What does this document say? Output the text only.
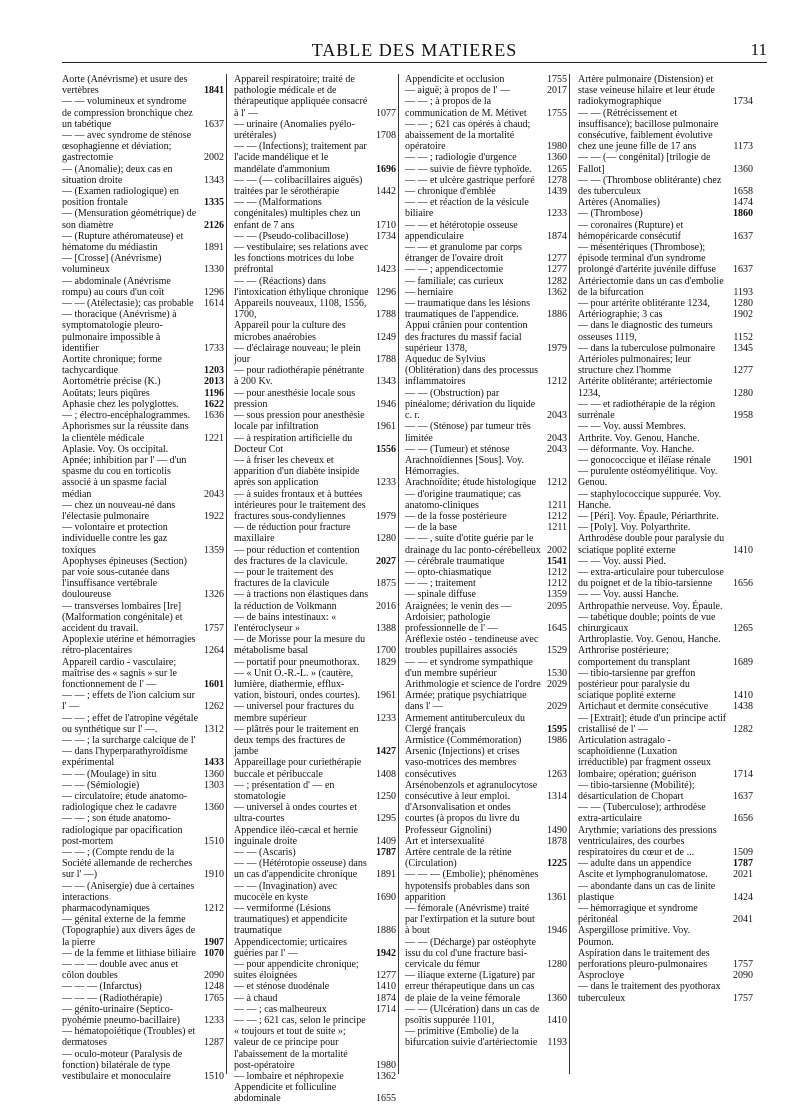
TABLE DES MATIERES	11
Aorte (Anévrisme) et usure des vertèbres	1841
— — volumineux et syndrome de compression bronchique chez un tabétique	1637
— — avec syndrome de sténose œsophagienne et déviation; gastrectomie	2002
— (Anomalie); deux cas en situation droite	1343
— (Examen radiologique) en position frontale	1335
— (Mensuration géométrique) de son diamètre	2126
— (Rupture athéromateuse) et hématome du médiastin	1891
— [Crosse] (Anévrisme) volumineux	1330
— abdominale (Anévrisme rompu) au cours d'un coït	1296
— — (Atélectasie); cas probable 1614
— thoracique (Anévrisme) à symptomatologie pleuro-pulmonaire impossible à identifier	1733
Aortite chronique; forme tachycardique	1203
Aortométrie précise (K.)	2013
Aoûtats; leurs piqûres	1196
Aphasie chez les polyglottes.	1622
— ; électro-encéphalogrammes. 1636
Aphorismes sur la réussite dans la clientèle médicale	1221
Aplasie. Voy. Os occipital.
Apnée; inhibition par l' — d'un spasme du cou en torticolis associé à un spasme facial médian	2043
— chez un nouveau-né dans l'électasie pulmonaire	1922
— volontaire et protection individuelle contre les gaz toxiques	1359
Apophyses épineuses (Section) par voie sous-cutanée dans l'insuffisance vertébrale douloureuse	1326
— transverses lombaires [Ire] (Malformation congénitale) et accident du travail.	1757
Apoplexie utérine et hémorragies rétro-placentaires	1264
Appareil cardio - vasculaire; maîtrise des « sagnis » sur le fonctionnement de l' —	1601
— — ; effets de l'ion calcium sur l' —	1262
— — ; effet de l'atropine végétale ou synthétique sur l' —.	1312
— — ; la surcharge calcique de l' — dans l'hyperparathyroïdisme expérimental	1433
— — (Moulage) in situ	1360
— — (Sémiologie)	1303
— circulatoire; étude anatomo-radiologique chez le cadavre	1360
— — ; son étude anatomo-radiologique par opacification post-mortem	1510
— — ; (Compte rendu de la Société allemande de recherches sur l' —)	1910
— — (Anisergie) due à certaines interactions pharmacodynamiques	1212
— génital externe de la femme (Topographie) aux divers âges de la pierre	1907
— de la femme et lithiase biliaire 1070
— — — double avec anus et côlon doubles	2090
— — — (Infarctus)	1248
— — — (Radiothérapie)	1765
— génito-urinaire (Septico-pyohémie pneumo-bacillaire) 1233
— hématopoiétique (Troubles) et dermatoses	1287
— oculo-moteur (Paralysis de fonction) bilatérale de type vestibulaire et monoculaire	1510
Appareil respiratoire; traité de pathologie médicale et de thérapeutique appliquée consacré à l' —	1077
— urinaire (Anomalies pyélo-urétérales)	1708
— — (Infections); traitement par l'acide mandélique et le mandélate d'ammonium	1696
— — (— colibacillaires aiguës) traitées par le sérothérapie	1442
— — (Malformations congénitales) multiples chez un enfant de 7 ans	1710
— — (Pseudo-colibacillose)	1734
— vestibulaire; ses relations avec les fonctions motrices du lobe préfrontal	1423
— — (Réactions) dans l'intoxication éthylique chronique 1296
Appareils nouveaux, 1108, 1556, 1700,	1788
Appareil pour la culture des microbes anaérobies	1249
— d'éclairage nouveau; le plein jour	1788
— pour radiothérapie pénétrante à 200 Kv.	1343
— pour anesthésie locale sous pression	1946
— sous pression pour anesthésie locale par infiltration	1961
— à respiration artificielle du Docteur Cot	1556
— à friser les cheveux et apparition d'un diabète insipide après son application	1233
— à suides frontaux et à buttées intérieures pour le traitement des fractures sous-condyliennes	1979
— de réduction pour fracture maxillaire	1280
— pour réduction et contention des fractures de la clavicule.	2027
— pour le traitement des fractures de la clavicule	1875
— à tractions non élastiques dans la réduction de Volkmann	2016
— de bains intestinaux: « l'entéroclyseur »	1388
— de Morisse pour la mesure du métabolisme basal	1700
— portatif pour pneumothorax. 1829
— « Unit O.-R.-L. » (cautère, lumière, diathermie, efflux-vation, bistouri, ondes courtes). 1961
— universel pour fractures du membre supérieur	1233
— plâtrés pour le traitement en deux temps des fractures de jambe	1427
Appareillage pour curiethérapie buccale et péribuccale	1408
— ; présentation d' — en stomatologie	1250
— universel à ondes courtes et ultra-courtes	1295
Appendice iléo-cæcal et hernie inguinale droite	1409
— — (Ascaris)	1787
— — (Hétérotopie osseuse) dans un cas d'appendicite chronique 1891
— — (Invagination) avec mucocèle en kyste	1690
— vermiforme (Lésions traumatiques) et appendicite traumatique	1886
Appendicectomie; urticaires guéries par l' —	1942
— pour appendicite chronique; suites éloignées	1277
— et sténose duodénale	1410
— à chaud	1874
— — ; cas malheureux	1714
— — ; 621 cas, selon le principe « toujours et tout de suite »; valeur de ce principe pour l'abaissement de la mortalité post-opératoire	1980
— lombaire et néphropexie	1362
Appendicite et folliculine abdominale	1655
Appendicite et occlusion	1755
— aiguë; à propos de l' —	2017
— — ; à propos de la communication de M. Métivet 1755
— — ; 621 cas opérés à chaud; abaissement de la mortalité opératoire	1980
— — ; radiologie d'urgence	1360
— — suivie de fièvre typhoïde. 1265
— — et ulcère gastrique perforé 1278
— chronique d'emblée	1439
— — et réaction de la vésicule biliaire	1233
— — et hétérotopie osseuse appendiculaire	1874
— — et granulome par corps étranger de l'ovaire droit	1277
— — ; appendicectomie	1277
— familiale; cas curieux	1282
— herniaire	1362
— traumatique dans les lésions traumatiques de l'appendice.	1886
Appui crânien pour contention des fractures du massif facial supérieur 1378,	1979
Aqueduc de Sylvius (Oblitération) dans des processus inflammatoires	1212
— — (Obstruction) par pinéalome; dérivation du liquide c. r.	2043
— — (Sténose) par tumeur très limitée	2043
— — (Tumeur) et sténose	2043
Arachnoïdiennes [Sous]. Voy. Hémorragies.
Arachnoïdite; étude histologique 1212
— d'origine traumatique; cas anatomo-cliniques	1211
— de la fosse postérieure	1212
— de la base	1211
— — , suite d'otite guérie par le drainage du lac ponto-cérébelleux 2002
— cérébrale traumatique	1541
— opto-chiasmatique	1212
— — ; traitement	1212
— spinale diffuse	1359
Araignées; le venin des —	2095
Ardoisier; pathologie professionnelle de l' —	1645
Aréflexie ostéo - tendineuse avec troubles pupillaires associés	1529
— — et syndrome sympathique d'un membre supérieur	1530
Arithmologie et science de l'ordre 2029
Armée; pratique psychiatrique dans l' —	2029
Armement antituberculeux du Clergé français	1595
Armistice (Commémoration)	1986
Arsenic (Injections) et crises vaso-motrices des membres consécutives	1263
Arsénobenzols et agranulocytose consécutive à leur emploi.	1314
d'Arsonvalisation et ondes courtes (à propos du livre du Professeur Gignolini)	1490
Art et intersexualité	1878
Artère centrale de la rétine (Circulation)	1225
— — — (Embolie); phénomènes hypotensifs probables dans son apparition	1361
— fémorale (Anévrisme) traité par l'extirpation et la suture bout à bout	1946
— — (Décharge) par ostéophyte issu du col d'une fracture basi-cervicale du fémur	1280
— iliaque externe (Ligature) par erreur thérapeutique dans un cas de plaie de la veine fémorale	1360
— — (Ulcération) dans un cas de psoïtis suppurée 1101,	1410
— primitive (Embolie) de la bifurcation suivie d'artériectomie 1193
Artère pulmonaire (Distension) et stase veineuse hilaire et leur étude radiokymographique	1734
— — (Rétrécissement et insuffisance); bacillose pulmonaire consécutive, faiblement évolutive chez une jeune fille de 17 ans	1173
— — (— congénital) [trilogie de Fallot]	1360
— — (Thrombose oblitérante) chez des tuberculeux	1658
Artères (Anomalies)	1474
— (Thrombose)	1860
— coronaires (Rupture) et hémopéricarde consécutif	1637
— mésentériques (Thrombose); épisode terminal d'un syndrome prolongé d'artérite juvénile diffuse 1637
Artériectomie dans un cas d'embolie de la bifurcation	1193
— pour artérite oblitérante 1234, 1280
Artériographie; 3 cas	1902
— dans le diagnostic des tumeurs osseuses 1119,	1152
— dans la tuberculose pulmonaire 1345
Artérioles pulmonaires; leur structure chez l'homme	1277
Artérite oblitérante; artériectomie 1234,	1280
— — et radiothérapie de la région surrénale	1958
— — Voy. aussi Membres.
Arthrite. Voy. Genou, Hanche.
— déformante. Voy. Hanche.
— gonococcique et iléïase rénale 1901
— purulente ostéomyélitique. Voy. Genou.
— staphylococcique suppurée. Voy. Hanche.
— [Péri]. Voy. Épaule, Périarthrite.
— [Poly]. Voy. Polyarthrite.
Arthrodèse double pour paralysie du sciatique poplité externe	1410
— — Voy. aussi Pied.
— extra-articulaire pour tuberculose du poignet et de la tibio-tarsienne 1656
— — Voy. aussi Hanche.
Arthropathie nerveuse. Voy. Épaule.
— tabétique double; points de vue chirurgicaux	1265
Arthroplastie. Voy. Genou, Hanche.
Arthrorise postérieure; comportement du transplant	1689
— tibio-tarsienne par greffon postérieur pour paralysie du sciatique poplité externe	1410
Artichaut et dermite consécutive 1438
— [Extrait]; étude d'un principe actif cristallisé de l' —	1282
Articulation astragalo - scaphoïdienne (Luxation irréductible) par fragment osseux lombaire; opération; guérison	1714
— tibio-tarsienne (Mobilité); désarticulation de Chopart	1637
— — (Tuberculose); arthrodèse extra-articulaire	1656
Arythmie; variations des pressions ventriculaires, des courbes respiratoires du cœur et de ...	1509
— adulte dans un appendice	1787
Ascite et lymphogranulomatose.	2021
— abondante dans un cas de linite plastique	1424
— hémorragique et syndrome péritonéal	2041
Aspergillose primitive. Voy. Poumon.
Aspiration dans le traitement des perforations pleuro-pulmonaires	1757
Asprocloye	2090
— dans le traitement des pyothorax tuberculeux	1757
